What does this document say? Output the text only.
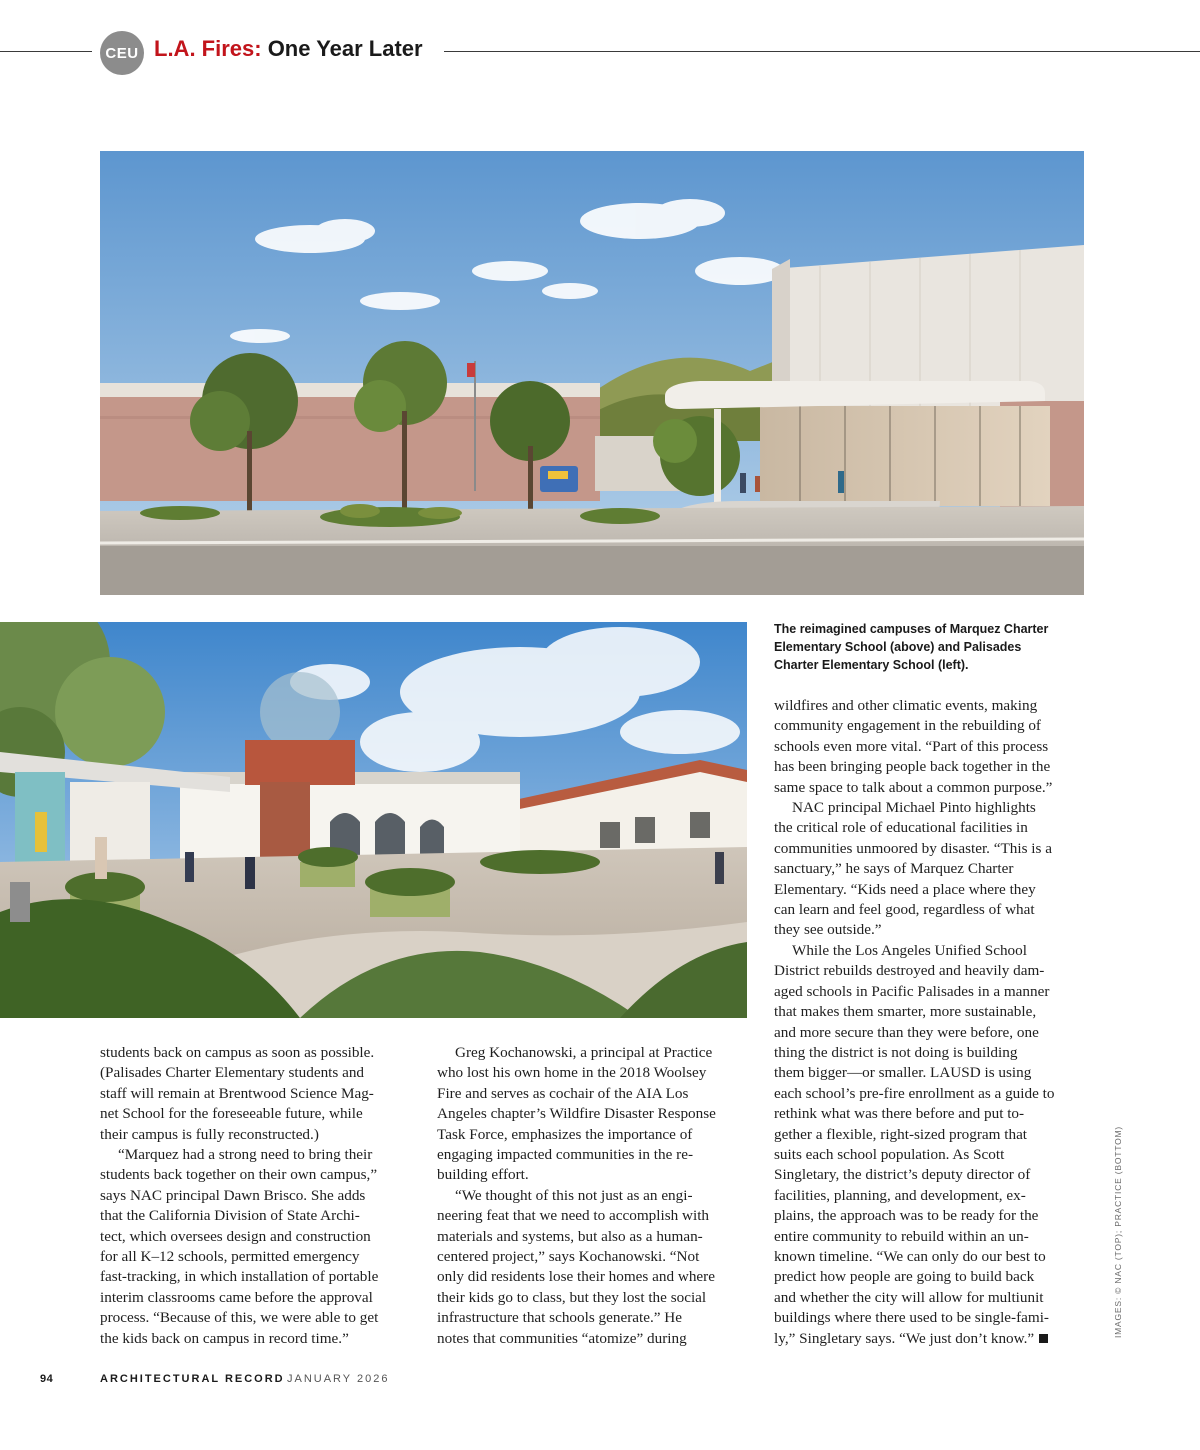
CEU L.A. Fires: One Year Later
The reimagined campuses of Marquez Charter
Elementary School (above) and Palisades
Charter Elementary School (left).

students back on campus as soon as possible.
(Palisades Charter Elementary students and
staff will remain at Brentwood Science Mag-
net School for the foreseeable future, while
their campus is fully reconstructed.)

“Marquez had a strong need to bring their
students back together on their own campus,”
says NAC principal Dawn Brisco. She adds
that the California Division of State Archi-
tect, which oversees design and construction
for all K–12 schools, permitted emergency
fast-tracking, in which installation of portable
interim classrooms came before the approval
process. “Because of this, we were able to get
the kids back on campus in record time.”

Greg Kochanowski, a principal at Practice
who lost his own home in the 2018 Woolsey
Fire and serves as cochair of the AIA Los
Angeles chapter’s Wildfire Disaster Response
Task Force, emphasizes the importance of
engaging impacted communities in the re-
building effort.

“We thought of this not just as an engi-
neering feat that we need to accomplish with
materials and systems, but also as a human-
centered project,” says Kochanowski. “Not
only did residents lose their homes and where
their kids go to class, but they lost the social
infrastructure that schools generate.” He
notes that communities “atomize” during

wildfires and other climatic events, making
community engagement in the rebuilding of
schools even more vital. “Part of this process
has been bringing people back together in the
same space to talk about a common purpose.”

NAC principal Michael Pinto highlights
the critical role of educational facilities in
communities unmoored by disaster. “This is a
sanctuary,” he says of Marquez Charter
Elementary. “Kids need a place where they
can learn and feel good, regardless of what
they see outside.”

While the Los Angeles Unified School
District rebuilds destroyed and heavily dam-
aged schools in Pacific Palisades in a manner
that makes them smarter, more sustainable,
and more secure than they were before, one
thing the district is not doing is building
them bigger—or smaller. LAUSD is using
each school’s pre-fire enrollment as a guide to
rethink what was there before and put to-
gether a flexible, right-sized program that
suits each school population. As Scott
Singletary, the district’s deputy director of
facilities, planning, and development, ex-
plains, the approach was to be ready for the
entire community to rebuild within an un-
known timeline. “We can only do our best to
predict how people are going to build back
and whether the city will allow for multiunit
buildings where there used to be single-fami-
ly,” Singletary says. “We just don’t know.”

IMAGES: © NAC (TOP); PRACTICE (BOTTOM)
94	ARCHITECTURAL RECORD JANUARY 2026
